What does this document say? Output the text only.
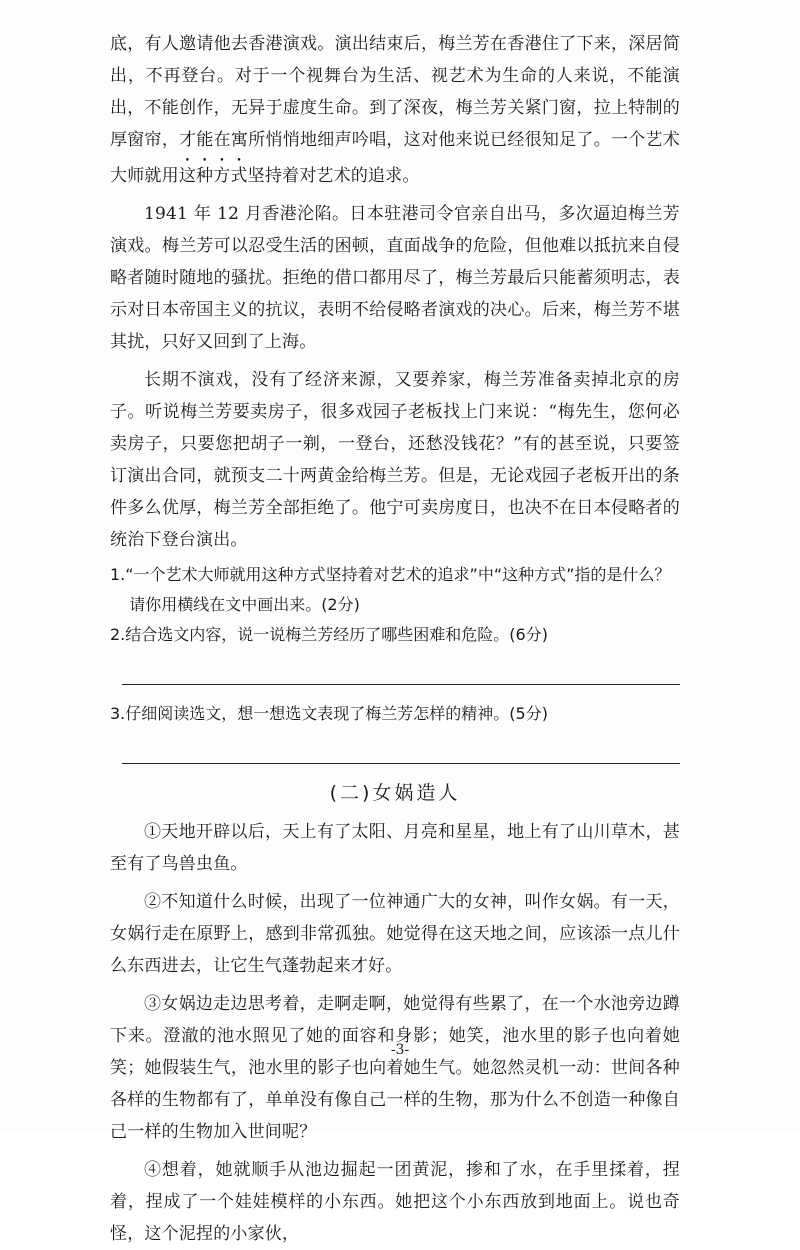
底，有人邀请他去香港演戏。演出结束后，梅兰芳在香港住了下来，深居简出，不再登台。对于一个视舞台为生活、视艺术为生命的人来说，不能演出，不能创作，无异于虚度生命。到了深夜，梅兰芳关紧门窗，拉上特制的厚窗帘，才能在寓所悄悄地细声吟唱，这对他来说已经很知足了。一个艺术大师就用这种方式坚持着对艺术的追求。

1941 年 12 月香港沦陷。日本驻港司令官亲自出马，多次逼迫梅兰芳演戏。梅兰芳可以忍受生活的困顿，直面战争的危险，但他难以抵抗来自侵略者随时随地的骚扰。拒绝的借口都用尽了，梅兰芳最后只能蓄须明志，表示对日本帝国主义的抗议，表明不给侵略者演戏的决心。后来，梅兰芳不堪其扰，只好又回到了上海。

长期不演戏，没有了经济来源，又要养家，梅兰芳准备卖掉北京的房子。听说梅兰芳要卖房子，很多戏园子老板找上门来说：“梅先生，您何必卖房子，只要您把胡子一剃，一登台，还愁没钱花？”有的甚至说，只要签订演出合同，就预支二十两黄金给梅兰芳。但是，无论戏园子老板开出的条件多么优厚，梅兰芳全部拒绝了。他宁可卖房度日，也决不在日本侵略者的统治下登台演出。

1.“一个艺术大师就用这种方式坚持着对艺术的追求”中“这种方式”指的是什么？请你用横线在文中画出来。(2分)

2.结合选文内容，说一说梅兰芳经历了哪些困难和危险。(6分)

3.仔细阅读选文，想一想选文表现了梅兰芳怎样的精神。(5分)

(二)女娲造人

①天地开辟以后，天上有了太阳、月亮和星星，地上有了山川草木，甚至有了鸟兽虫鱼。

②不知道什么时候，出现了一位神通广大的女神，叫作女娲。有一天，女娲行走在原野上，感到非常孤独。她觉得在这天地之间，应该添一点儿什么东西进去，让它生气蓬勃起来才好。

③女娲边走边思考着，走啊走啊，她觉得有些累了，在一个水池旁边蹲下来。澄澈的池水照见了她的面容和身影；她笑，池水里的影子也向着她笑；她假装生气，池水里的影子也向着她生气。她忽然灵机一动：世间各种各样的生物都有了，单单没有像自己一样的生物，那为什么不创造一种像自己一样的生物加入世间呢？

④想着，她就顺手从池边掘起一团黄泥，掺和了水，在手里揉着，捏着，捏成了一个娃娃模样的小东西。她把这个小东西放到地面上。说也奇怪，这个泥捏的小家伙，

-3-
